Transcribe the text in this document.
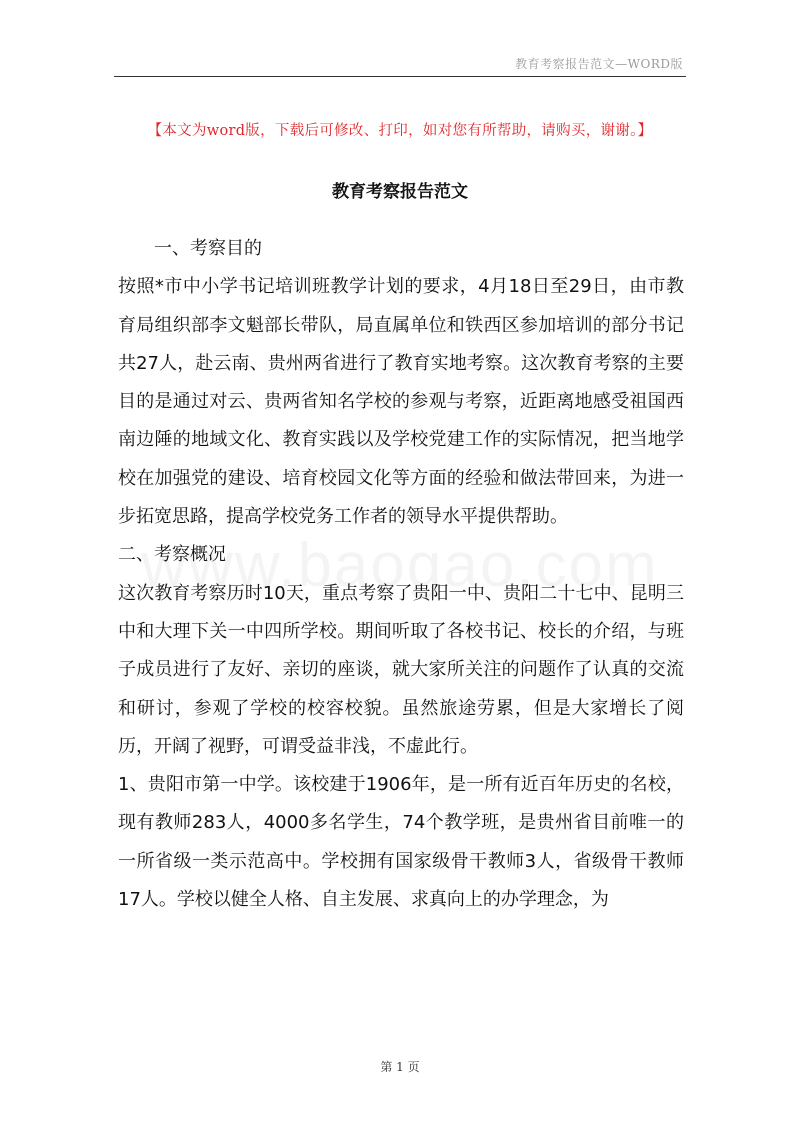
教育考察报告范文—WORD版
【本文为word版，下载后可修改、打印，如对您有所帮助，请购买，谢谢。】
教育考察报告范文

一、考察目的

按照*市中小学书记培训班教学计划的要求，4月18日至29日，由市教育局组织部李文魁部长带队，局直属单位和铁西区参加培训的部分书记共27人，赴云南、贵州两省进行了教育实地考察。这次教育考察的主要目的是通过对云、贵两省知名学校的参观与考察，近距离地感受祖国西南边陲的地域文化、教育实践以及学校党建工作的实际情况，把当地学校在加强党的建设、培育校园文化等方面的经验和做法带回来，为进一步拓宽思路，提高学校党务工作者的领导水平提供帮助。

二、考察概况

这次教育考察历时10天，重点考察了贵阳一中、贵阳二十七中、昆明三中和大理下关一中四所学校。期间听取了各校书记、校长的介绍，与班子成员进行了友好、亲切的座谈，就大家所关注的问题作了认真的交流和研讨，参观了学校的校容校貌。虽然旅途劳累，但是大家增长了阅历，开阔了视野，可谓受益非浅，不虚此行。

1、贵阳市第一中学。该校建于1906年，是一所有近百年历史的名校，现有教师283人，4000多名学生，74个教学班，是贵州省目前唯一的一所省级一类示范高中。学校拥有国家级骨干教师3人，省级骨干教师17人。学校以健全人格、自主发展、求真向上的办学理念，为

第 1 页
